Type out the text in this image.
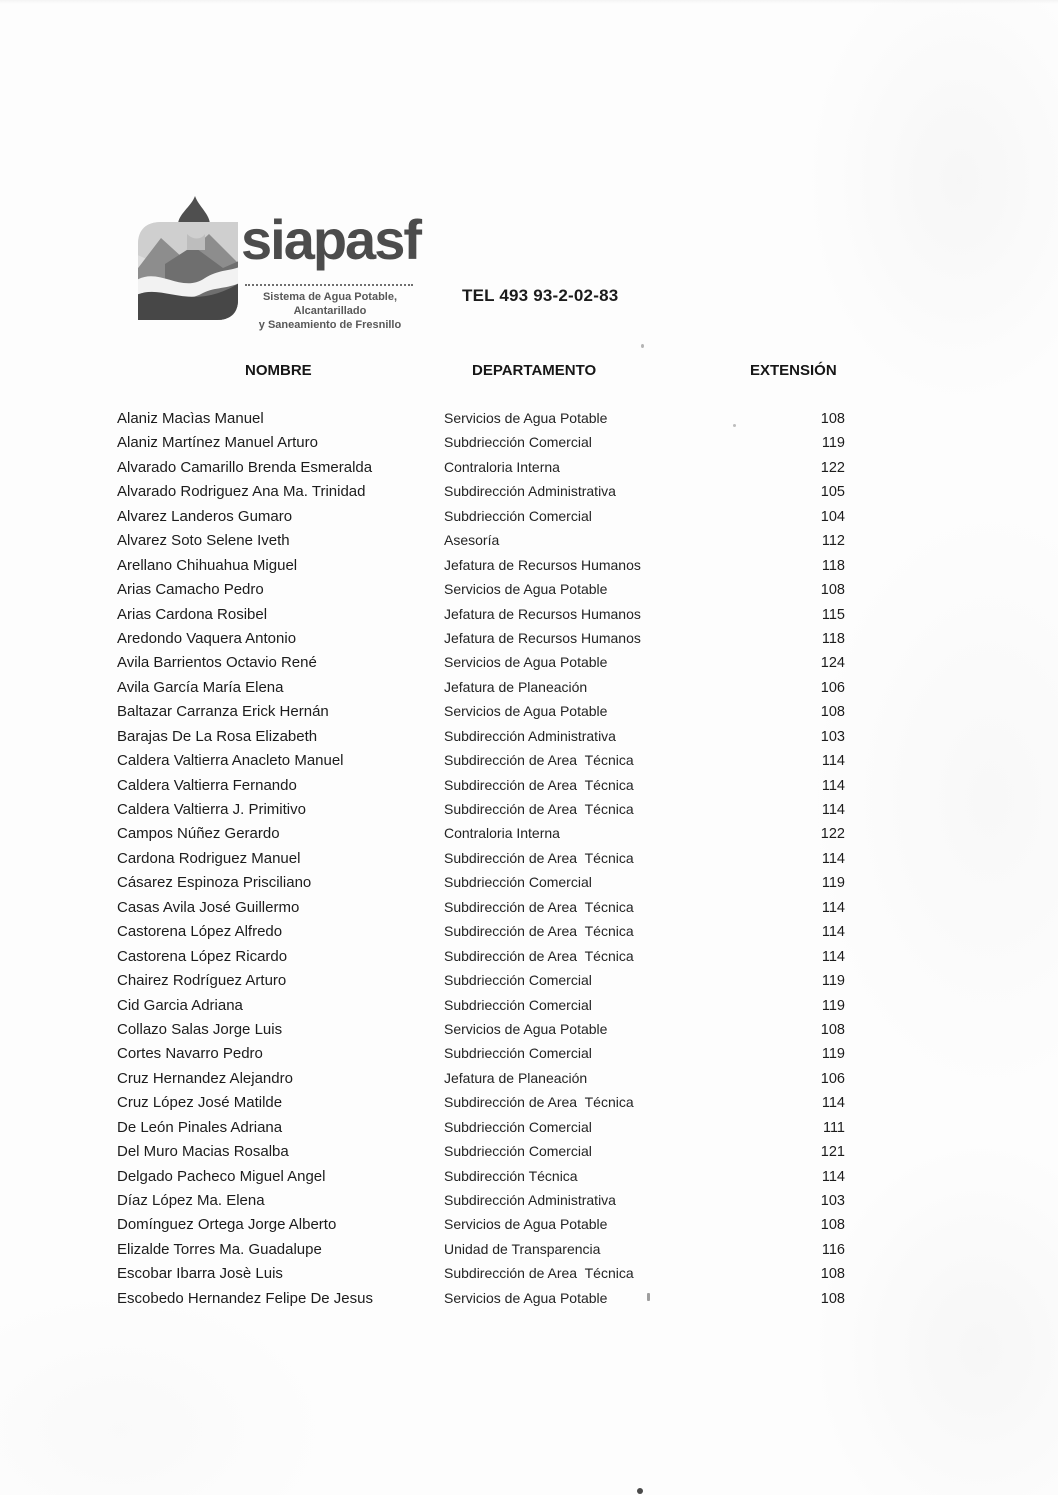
siapasf
Sistema de Agua Potable, Alcantarillado
y Saneamiento de Fresnillo
TEL 493 93-2-02-83
NOMBRE	DEPARTAMENTO	EXTENSIÓN
Alaniz Macìas Manuel	Servicios de Agua Potable	108
Alaniz Martínez Manuel Arturo	Subdriección Comercial	119
Alvarado Camarillo Brenda Esmeralda	Contraloria Interna	122
Alvarado Rodriguez Ana Ma. Trinidad	Subdirección Administrativa	105
Alvarez Landeros Gumaro	Subdriección Comercial	104
Alvarez Soto Selene Iveth	Asesoría	112
Arellano Chihuahua Miguel	Jefatura de Recursos Humanos	118
Arias Camacho Pedro	Servicios de Agua Potable	108
Arias Cardona Rosibel	Jefatura de Recursos Humanos	115
Aredondo Vaquera Antonio	Jefatura de Recursos Humanos	118
Avila Barrientos Octavio René	Servicios de Agua Potable	124
Avila García María Elena	Jefatura de Planeación	106
Baltazar Carranza Erick Hernán	Servicios de Agua Potable	108
Barajas De La Rosa Elizabeth	Subdirección Administrativa	103
Caldera Valtierra Anacleto Manuel	Subdirección de Area  Técnica	114
Caldera Valtierra Fernando	Subdirección de Area  Técnica	114
Caldera Valtierra J. Primitivo	Subdirección de Area  Técnica	114
Campos Núñez Gerardo	Contraloria Interna	122
Cardona Rodriguez Manuel	Subdirección de Area  Técnica	114
Cásarez Espinoza Prisciliano	Subdriección Comercial	119
Casas Avila José Guillermo	Subdirección de Area  Técnica	114
Castorena López Alfredo	Subdirección de Area  Técnica	114
Castorena López Ricardo	Subdirección de Area  Técnica	114
Chairez Rodríguez Arturo	Subdriección Comercial	119
Cid Garcia Adriana	Subdriección Comercial	119
Collazo Salas Jorge Luis	Servicios de Agua Potable	108
Cortes Navarro Pedro	Subdriección Comercial	119
Cruz Hernandez Alejandro	Jefatura de Planeación	106
Cruz López José Matilde	Subdirección de Area  Técnica	114
De León Pinales Adriana	Subdriección Comercial	111
Del Muro Macias Rosalba	Subdriección Comercial	121
Delgado Pacheco Miguel Angel	Subdirección Técnica	114
Díaz López Ma. Elena	Subdirección Administrativa	103
Domínguez Ortega Jorge Alberto	Servicios de Agua Potable	108
Elizalde Torres Ma. Guadalupe	Unidad de Transparencia	116
Escobar Ibarra Josè Luis	Subdirección de Area  Técnica	108
Escobedo Hernandez Felipe De Jesus	Servicios de Agua Potable	108
